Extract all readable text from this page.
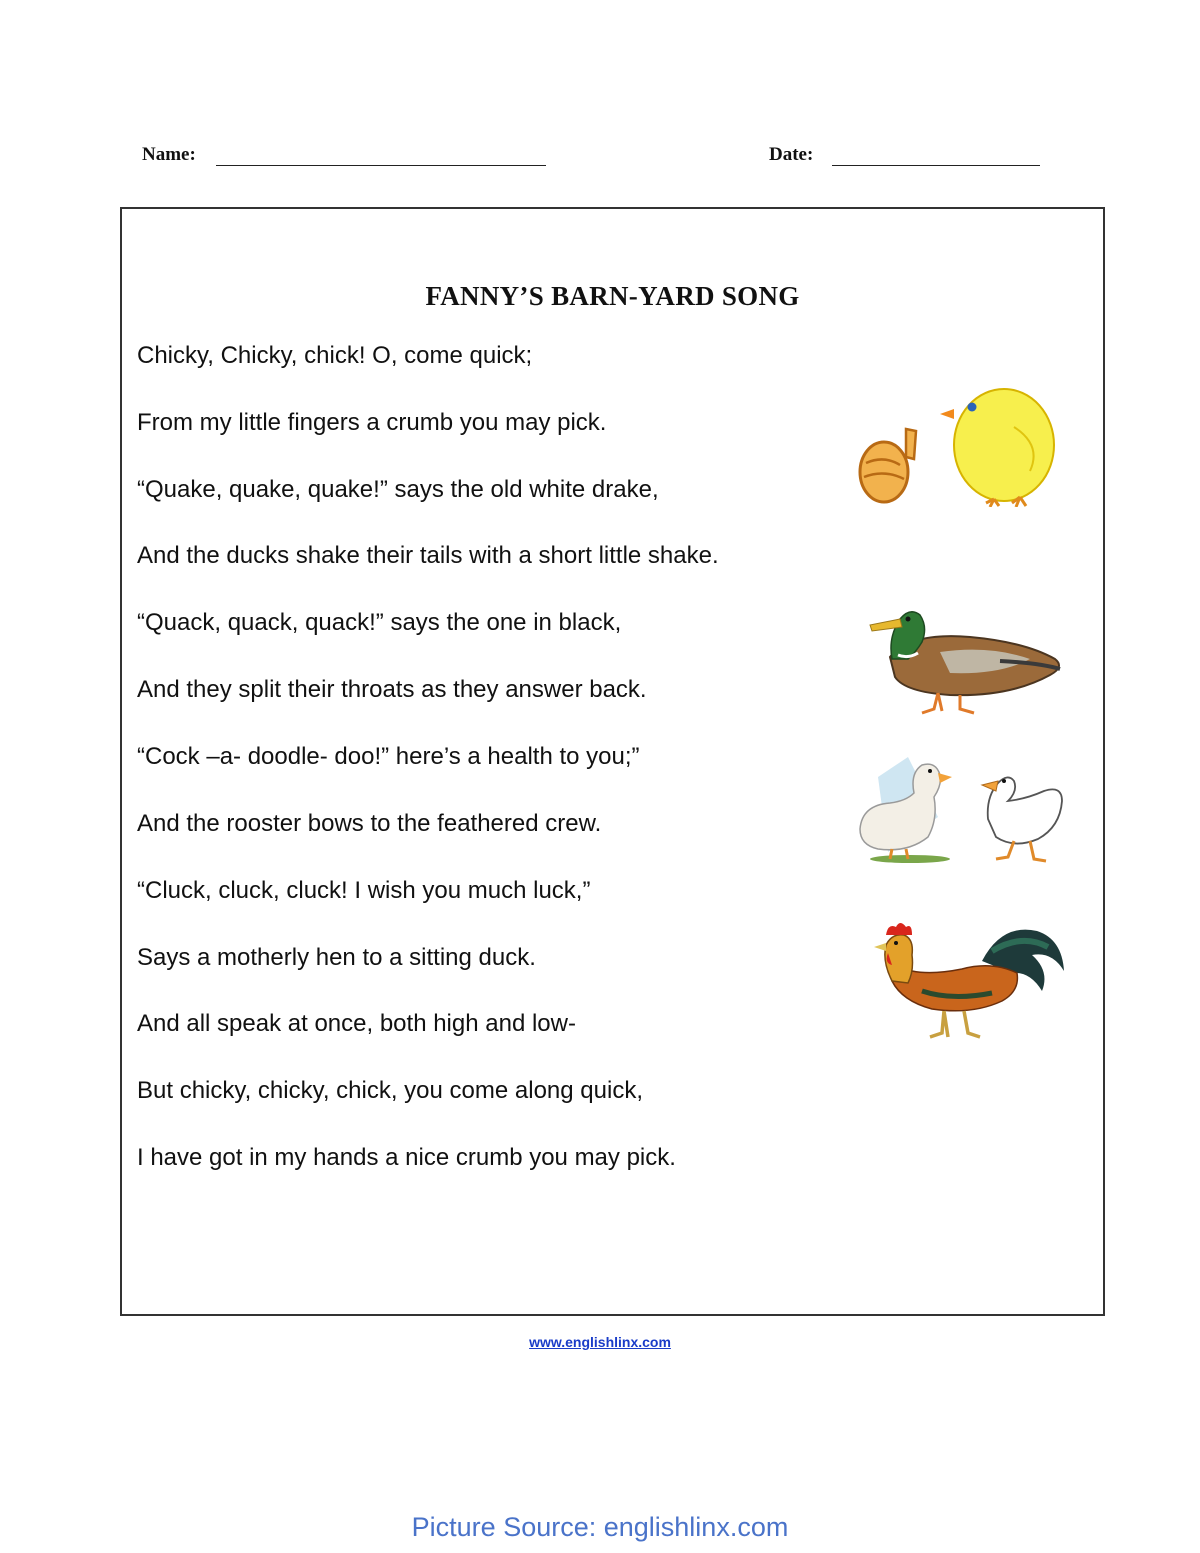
Name:	Date:
FANNY’S BARN-YARD SONG
Chicky, Chicky, chick! O, come quick;
From my little fingers a crumb you may pick.
“Quake, quake, quake!” says the old white drake,
And the ducks shake their tails with a short little shake.
“Quack, quack, quack!” says the one in black,
And they split their throats as they answer back.
“Cock –a- doodle- doo!” here’s a health to you;”
And the rooster bows to the feathered crew.
“Cluck, cluck, cluck! I wish you much luck,”
Says a motherly hen to a sitting duck.
And all speak at once, both high and low-
But chicky, chicky, chick, you come along quick,
I have got in my hands a nice crumb you may pick.
www.englishlinx.com
Picture Source: englishlinx.com
